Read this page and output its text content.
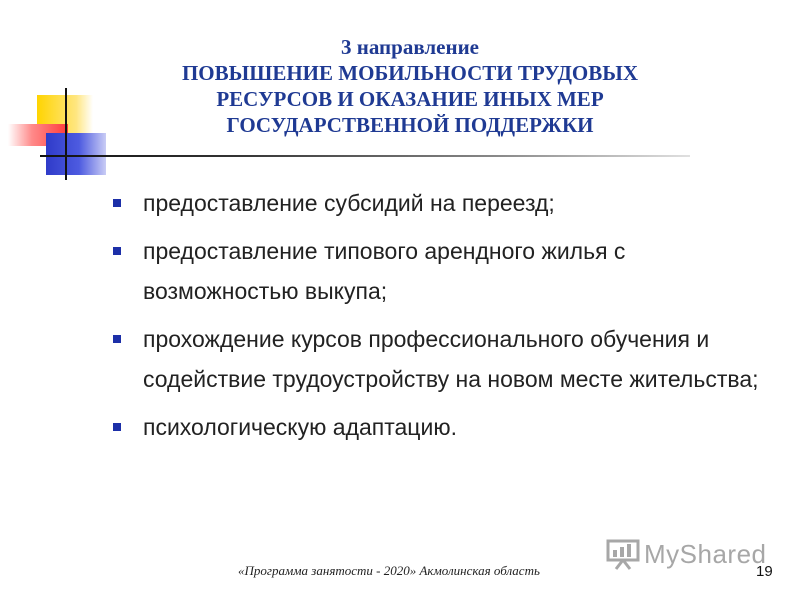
3 направление
ПОВЫШЕНИЕ МОБИЛЬНОСТИ ТРУДОВЫХ
РЕСУРСОВ И ОКАЗАНИЕ ИНЫХ МЕР
ГОСУДАРСТВЕННОЙ ПОДДЕРЖКИ
предоставление субсидий на переезд;
предоставление типового арендного жилья с возможностью выкупа;
прохождение курсов профессионального обучения и содействие трудоустройству на новом месте жительства;
психологическую адаптацию.
«Программа занятости - 2020» Акмолинская область	19
MyShared
